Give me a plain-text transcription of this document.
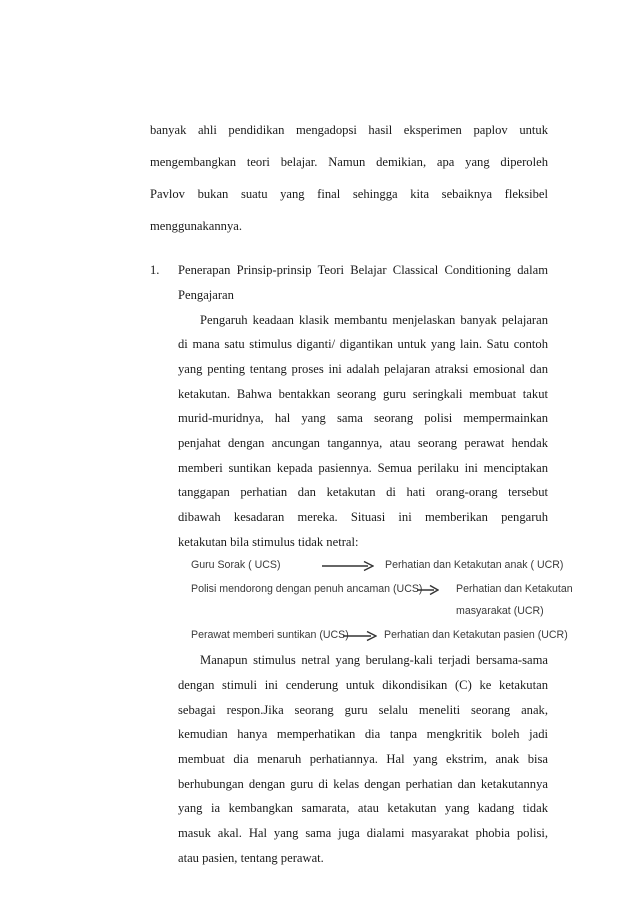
banyak ahli pendidikan mengadopsi hasil eksperimen paplov untuk
mengembangkan teori belajar. Namun demikian, apa yang diperoleh
Pavlov bukan suatu yang final sehingga kita sebaiknya fleksibel
menggunakannya.
1. Penerapan Prinsip-prinsip Teori Belajar Classical Conditioning dalam
Pengajaran
Pengaruh keadaan klasik membantu menjelaskan banyak pelajaran
di mana satu stimulus diganti/ digantikan untuk yang lain. Satu contoh
yang penting tentang proses ini adalah pelajaran atraksi emosional dan
ketakutan. Bahwa bentakkan seorang guru seringkali membuat takut
murid-muridnya, hal yang sama seorang polisi mempermainkan
penjahat dengan ancungan tangannya, atau seorang perawat hendak
memberi suntikan kepada pasiennya. Semua perilaku ini menciptakan
tanggapan perhatian dan ketakutan di hati orang-orang tersebut
dibawah kesadaran mereka. Situasi ini memberikan pengaruh
ketakutan bila stimulus tidak netral:
Guru Sorak ( UCS)	Perhatian dan Ketakutan anak ( UCR)
Polisi mendorong dengan penuh ancaman (UCS)	Perhatian dan Ketakutan
masyarakat (UCR)
Perawat memberi suntikan (UCS)	Perhatian dan Ketakutan pasien (UCR)
Manapun stimulus netral yang berulang-kali terjadi bersama-sama
dengan stimuli ini cenderung untuk dikondisikan (C) ke ketakutan
sebagai respon.Jika seorang guru selalu meneliti seorang anak,
kemudian hanya memperhatikan dia tanpa mengkritik boleh jadi
membuat dia menaruh perhatiannya. Hal yang ekstrim, anak bisa
berhubungan dengan guru di kelas dengan perhatian dan ketakutannya
yang ia kembangkan samarata, atau ketakutan yang kadang tidak
masuk akal. Hal yang sama juga dialami masyarakat phobia polisi,
atau pasien, tentang perawat.
